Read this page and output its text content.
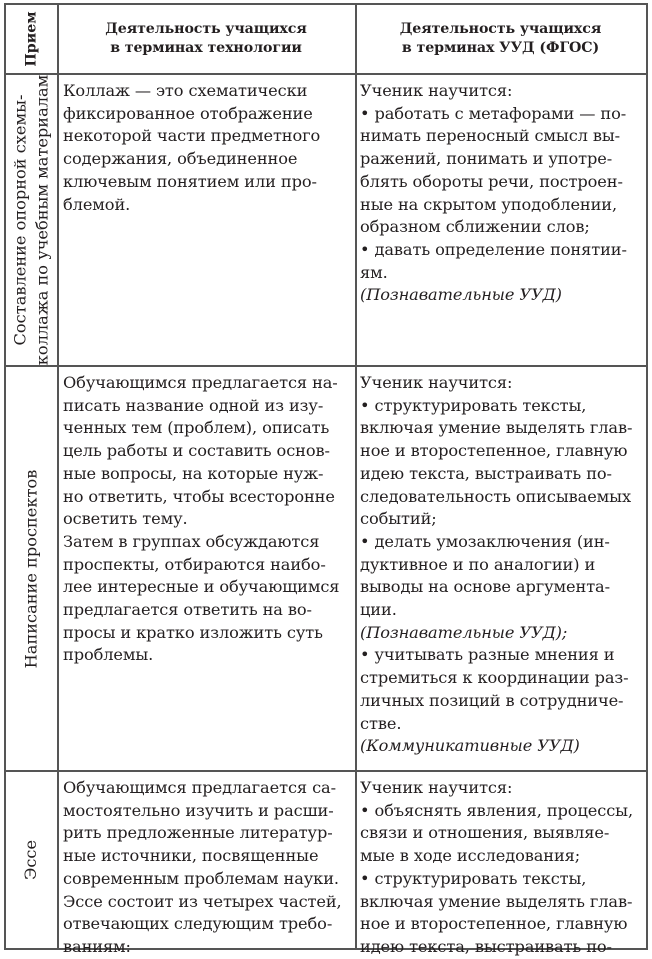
Прием	Деятельность учащихся
в терминах технологии
Деятельность учащихся
в терминах УУД (ФГОС)
Составление опорной схемы- коллажа по учебным материалам Коллаж — это схематически
фиксированное отображение
некоторой части предметного
содержания, объединенное
ключевым понятием или про-
блемой.
Ученик научится:
• работать с метафорами — по-
нимать переносный смысл вы-
ражений, понимать и употре-
блять обороты речи, построен-
ные на скрытом уподоблении,
образном сближении слов;
• давать определение понятии-
ям.
(Познавательные УУД)
Написание проспектов
Обучающимся предлагается на-
писать название одной из изу-
ченных тем (проблем), описать
цель работы и составить основ-
ные вопросы, на которые нуж-
но ответить, чтобы всесторонне
осветить тему.
Затем в группах обсуждаются
проспекты, отбираются наибо-
лее интересные и обучающимся
предлагается ответить на во-
просы и кратко изложить суть
проблемы.
Ученик научится:
• структурировать тексты,
включая умение выделять глав-
ное и второстепенное, главную
идею текста, выстраивать по-
следовательность описываемых
событий;
• делать умозаключения (ин-
дуктивное и по аналогии) и
выводы на основе аргумента-
ции.
(Познавательные УУД);
• учитывать разные мнения и
стремиться к координации раз-
личных позиций в сотрудниче-
стве.
(Коммуникативные УУД)
Эссе
Обучающимся предлагается са-
мостоятельно изучить и расши-
рить предложенные литератур-
ные источники, посвященные
современным проблемам науки.
Эссе состоит из четырех частей,
отвечающих следующим требо-
ваниям:
Ученик научится:
• объяснять явления, процессы,
связи и отношения, выявляе-
мые в ходе исследования;
• структурировать тексты,
включая умение выделять глав-
ное и второстепенное, главную
идею текста, выстраивать по-
